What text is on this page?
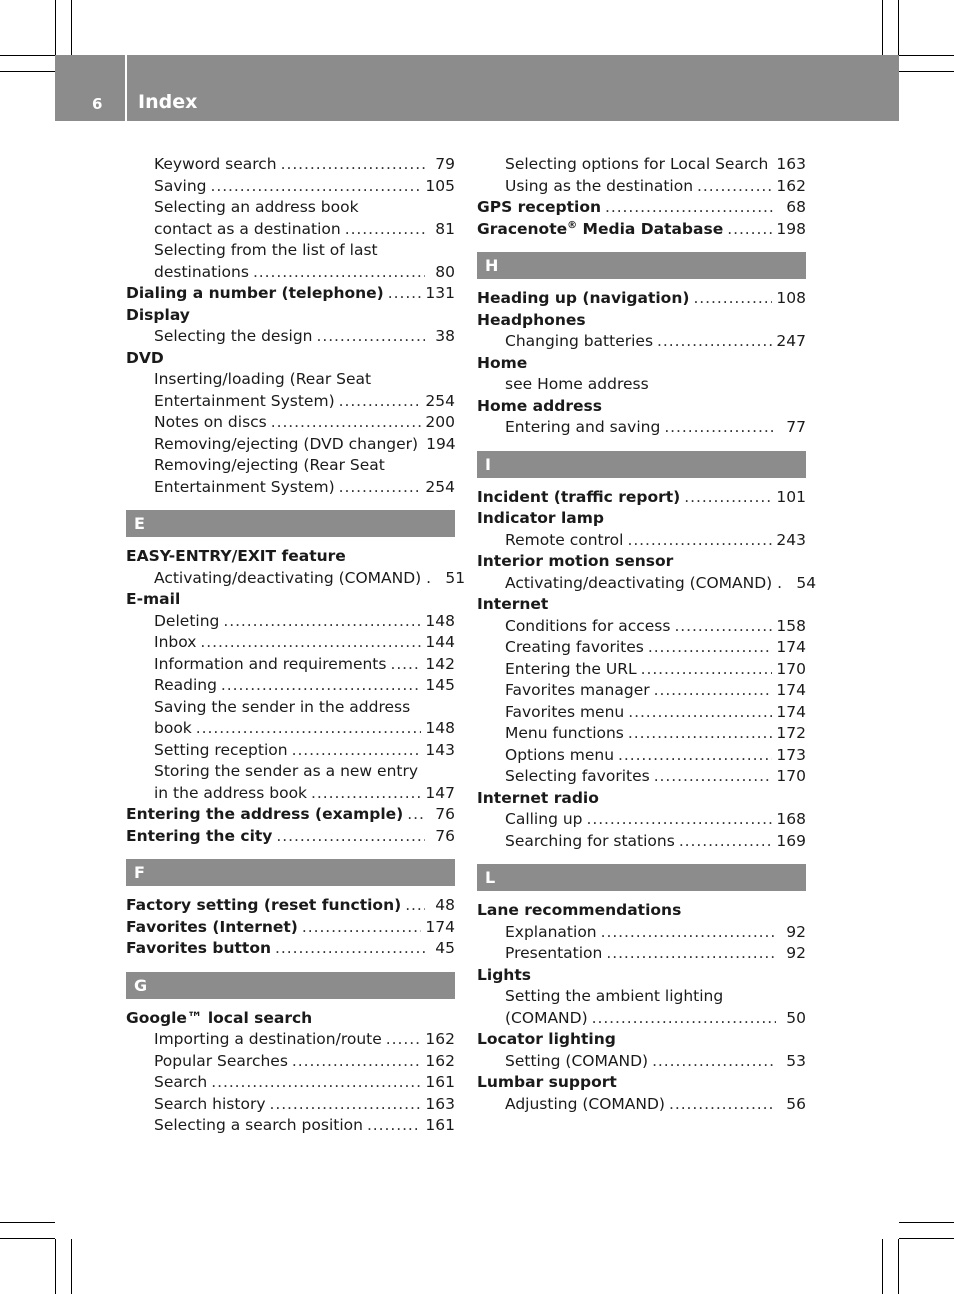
6 Index
Keyword search . . .	79
Saving . . .	105
Selecting an address book
contact as a destination . . .	81
Selecting from the list of last
destinations . . .	80
Dialing a number (telephone) . . .	131
Display
Selecting the design . . .	38
DVD
Inserting/loading (Rear Seat
Entertainment System) . . .	254
Notes on discs . . .	200
Removing/ejecting (DVD changer) 194
Removing/ejecting (Rear Seat
Entertainment System) . . .	254
E
EASY-ENTRY/EXIT feature
Activating/deactivating (COMAND) . 51
E-mail
Deleting . . .	148
Inbox . . .	144
Information and requirements . . .	142
Reading . . .	145
Saving the sender in the address
book . . .	148
Setting reception . . .	143
Storing the sender as a new entry
in the address book . . .	147
Entering the address (example) . . .	76
Entering the city . . .	76
F
Factory setting (reset function) . . .	48
Favorites (Internet) . . .	174
Favorites button . . .	45
G
Google™ local search
Importing a destination/route . . .	162
Popular Searches . . .	162
Search . . .	161
Search history . . .	163
Selecting a search position . . .	161
Selecting options for Local Search 163
Using as the destination . . .	162
GPS reception . . .	68
Gracenote® Media Database . . .	198
H
Heading up (navigation) . . .	108
Headphones
Changing batteries . . .	247
Home
see Home address
Home address
Entering and saving . . .	77
I
Incident (traffic report) . . .	101
Indicator lamp
Remote control . . .	243
Interior motion sensor
Activating/deactivating (COMAND) . 54
Internet
Conditions for access . . .	158
Creating favorites . . .	174
Entering the URL . . .	170
Favorites manager . . .	174
Favorites menu . . .	174
Menu functions . . .	172
Options menu . . .	173
Selecting favorites . . .	170
Internet radio
Calling up . . .	168
Searching for stations . . .	169
L
Lane recommendations
Explanation . . .	92
Presentation . . .	92
Lights
Setting the ambient lighting
(COMAND) . . .	50
Locator lighting
Setting (COMAND) . . .	53
Lumbar support
Adjusting (COMAND) . . .	56
